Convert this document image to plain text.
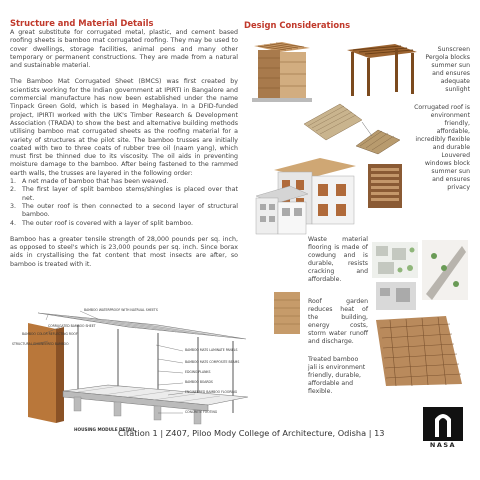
Structure and Material Details

A great substitute for corrugated metal, plastic, and cement based roofing sheets is bamboo mat corrugated roofing. They may be used to cover dwellings, storage facilities, animal pens and many other temporary or permanent constructions. They are made from a natural and sustainable material.

The Bamboo Mat Corrugated Sheet (BMCS) was first created by scientists working for the Indian government at IPIRTI in Bangalore and commercial manufacture has now been established under the name Tinpack Green Gold, which is based in Meghalaya. In a DFID-funded project, IPIRTI worked with the UK's Timber Research & Development Association (TRADA) to show the best and alternative building methods utilising bamboo mat corrugated sheets as the roofing material for a variety of structures at the pilot site. The bamboo trusses are initially coated with two to three coats of rubber tree oil (naam yang), which must first be thinned due to its viscosity. The oil aids in preventing moisture damage to the bamboo. After being fastened to the rammed earth walls, the trusses are layered in the following order:

1. A net made of bamboo that has been weaved.
2. The first layer of split bamboo stems/shingles is placed over that net.
3. The outer roof is then connected to a second layer of structural bamboo.
4. The outer roof is covered with a layer of split bamboo.

Bamboo has a greater tensile strength of 28,000 pounds per sq. inch, as opposed to steel's which is 23,000 pounds per sq. inch. Since borax aids in crystallising the fat content that most insects are after, so bamboo is treated with it.

BAMBOO WATERPROOF WITH NATRUAL SHEETS
BAMBOO COLOR REFLECTING ROOF
CORRUGATED BAMBOO SHEET
STRUCTURAL ENGINEERED BAMBOO
BAMBOO MATS LAMINATE PANELS
BAMBOO MATS COMPOSITE BEAMS
EDGING PLANKS
BAMBOO BOARDS
ENGINEERED BAMBOO FLOORING
CONCRETE FOOTING
HOUSING MODULE DETAIL
Design Considerations
Sunscreen Pergola blocks summer sun and ensures adequate sunlight
Corrugated roof is environment friendly, affordable, incredibly flexible and durable
Louvered windows block summer sun and ensures privacy
Waste material flooring is made of cowdung and is durable, resists cracking and affordable.
Roof garden reduces heat of the building, energy costs, storm water runoff and discharge.
Treated bamboo jali is environment friendly, durable, affordable and flexible.
Citation 1 | Z407, Piloo Mody College of Architecture, Odisha | 13
NASA
